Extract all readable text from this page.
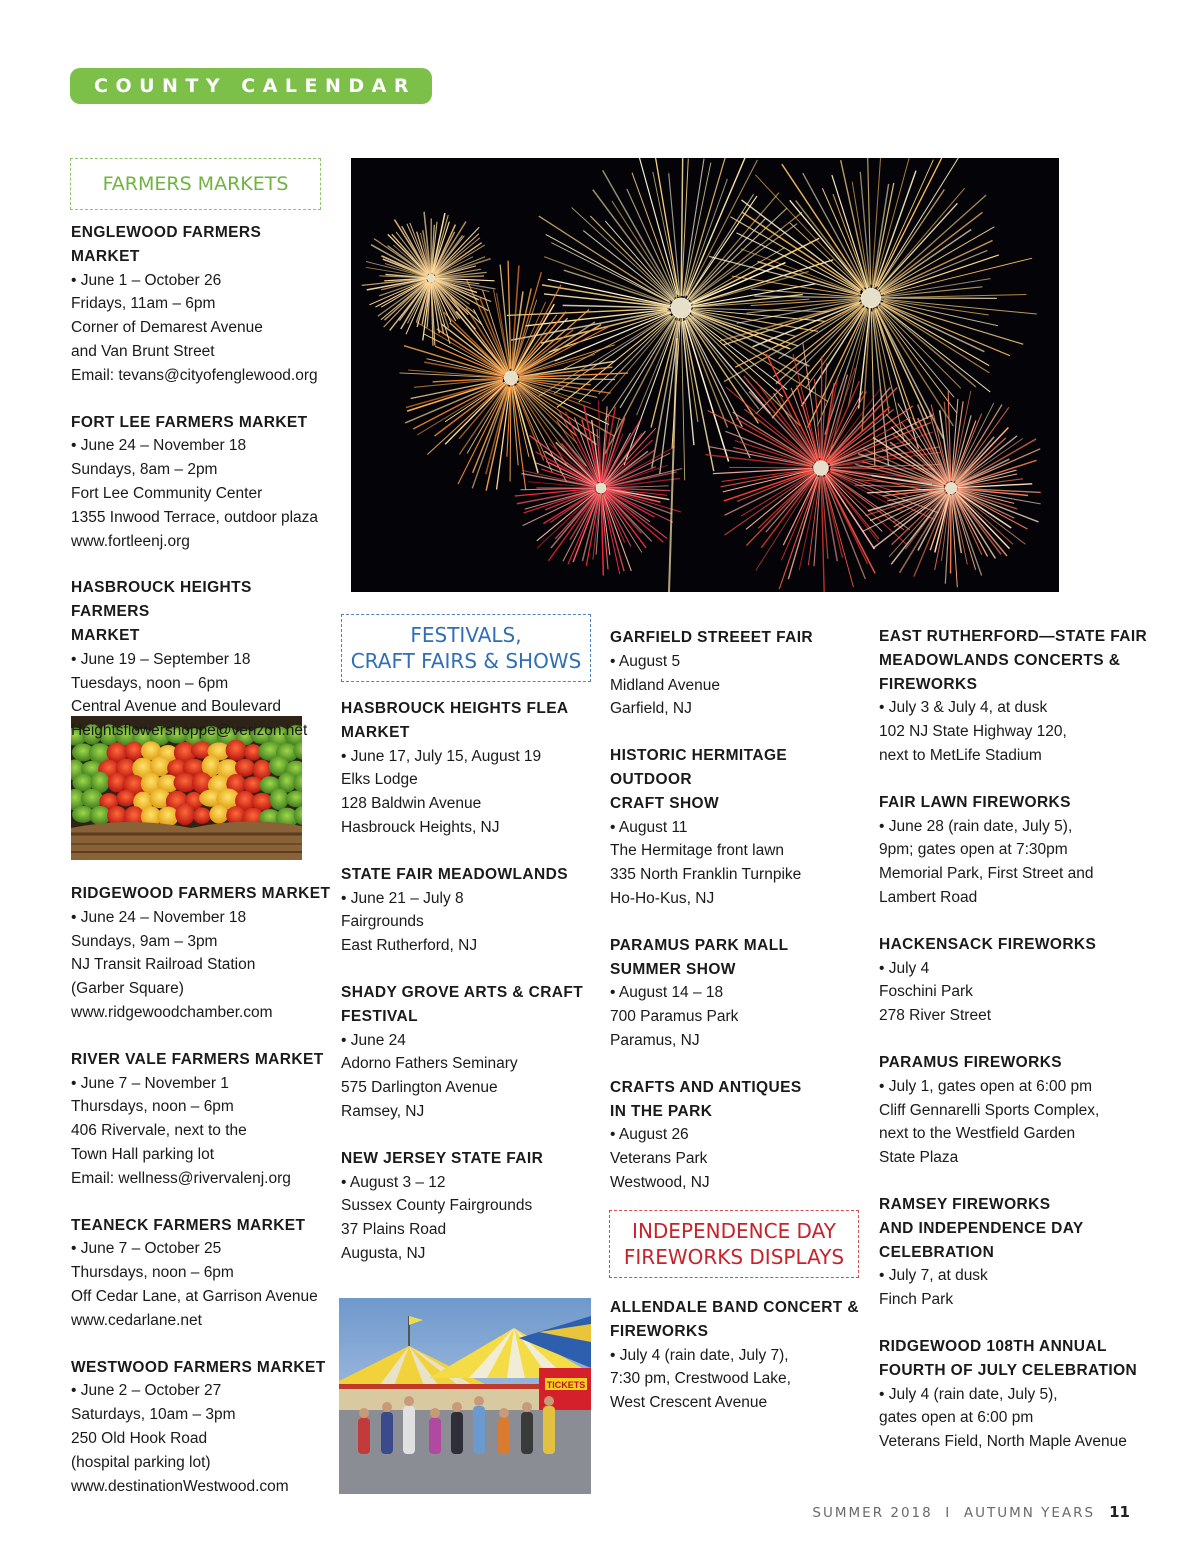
COUNTY CALENDAR
FARMERS MARKETS
FESTIVALS,
CRAFT FAIRS & SHOWS
INDEPENDENCE DAY
FIREWORKS DISPLAYS
TICKETS
ENGLEWOOD FARMERS MARKET
• June 1 – October 26
Fridays, 11am – 6pm
Corner of Demarest Avenue
and Van Brunt Street
Email: tevans@cityofenglewood.org
FORT LEE FARMERS MARKET
• June 24 – November 18
Sundays, 8am – 2pm
Fort Lee Community Center
1355 Inwood Terrace, outdoor plaza
www.fortleenj.org
HASBROUCK HEIGHTS FARMERS
MARKET
• June 19 – September 18
Tuesdays, noon – 6pm
Central Avenue and Boulevard
Heightsflowershoppe@verizon.net
RIDGEWOOD FARMERS MARKET
• June 24 – November 18
Sundays, 9am – 3pm
NJ Transit Railroad Station
(Garber Square)
www.ridgewoodchamber.com
RIVER VALE FARMERS MARKET
• June 7 – November 1
Thursdays, noon – 6pm
406 Rivervale, next to the
Town Hall parking lot
Email: wellness@rivervalenj.org
TEANECK FARMERS MARKET
• June 7 – October 25
Thursdays, noon – 6pm
Off Cedar Lane, at Garrison Avenue
www.cedarlane.net
WESTWOOD FARMERS MARKET
• June 2 – October 27
Saturdays, 10am – 3pm
250 Old Hook Road
(hospital parking lot)
www.destinationWestwood.com
HASBROUCK HEIGHTS FLEA
MARKET
• June 17, July 15, August 19
Elks Lodge
128 Baldwin Avenue
Hasbrouck Heights, NJ
STATE FAIR MEADOWLANDS
• June 21 – July 8
Fairgrounds
East Rutherford, NJ
SHADY GROVE ARTS & CRAFT
FESTIVAL
• June 24
Adorno Fathers Seminary
575 Darlington Avenue
Ramsey, NJ
NEW JERSEY STATE FAIR
• August 3 – 12
Sussex County Fairgrounds
37 Plains Road
Augusta, NJ
GARFIELD STREEET FAIR
• August 5
Midland Avenue
Garfield, NJ
HISTORIC HERMITAGE OUTDOOR
CRAFT SHOW
• August 11
The Hermitage front lawn
335 North Franklin Turnpike
Ho-Ho-Kus, NJ
PARAMUS PARK MALL
SUMMER SHOW
• August 14 – 18
700 Paramus Park
Paramus, NJ
CRAFTS AND ANTIQUES
IN THE PARK
• August 26
Veterans Park
Westwood, NJ
ALLENDALE BAND CONCERT &
FIREWORKS
• July 4 (rain date, July 7),
7:30 pm, Crestwood Lake,
West Crescent Avenue
EAST RUTHERFORD—STATE FAIR
MEADOWLANDS CONCERTS &
FIREWORKS
• July 3 & July 4, at dusk
102 NJ State Highway 120,
next to MetLife Stadium
FAIR LAWN FIREWORKS
• June 28 (rain date, July 5),
9pm; gates open at 7:30pm
Memorial Park, First Street and
Lambert Road
HACKENSACK FIREWORKS
• July 4
Foschini Park
278 River Street
PARAMUS FIREWORKS
• July 1, gates open at 6:00 pm
Cliff Gennarelli Sports Complex,
next to the Westfield Garden
State Plaza
RAMSEY FIREWORKS
AND INDEPENDENCE DAY
CELEBRATION
• July 7, at dusk
Finch Park
RIDGEWOOD 108TH ANNUAL
FOURTH OF JULY CELEBRATION
• July 4 (rain date, July 5),
gates open at 6:00 pm
Veterans Field, North Maple Avenue
SUMMER 2018  I  AUTUMN YEARS 11
